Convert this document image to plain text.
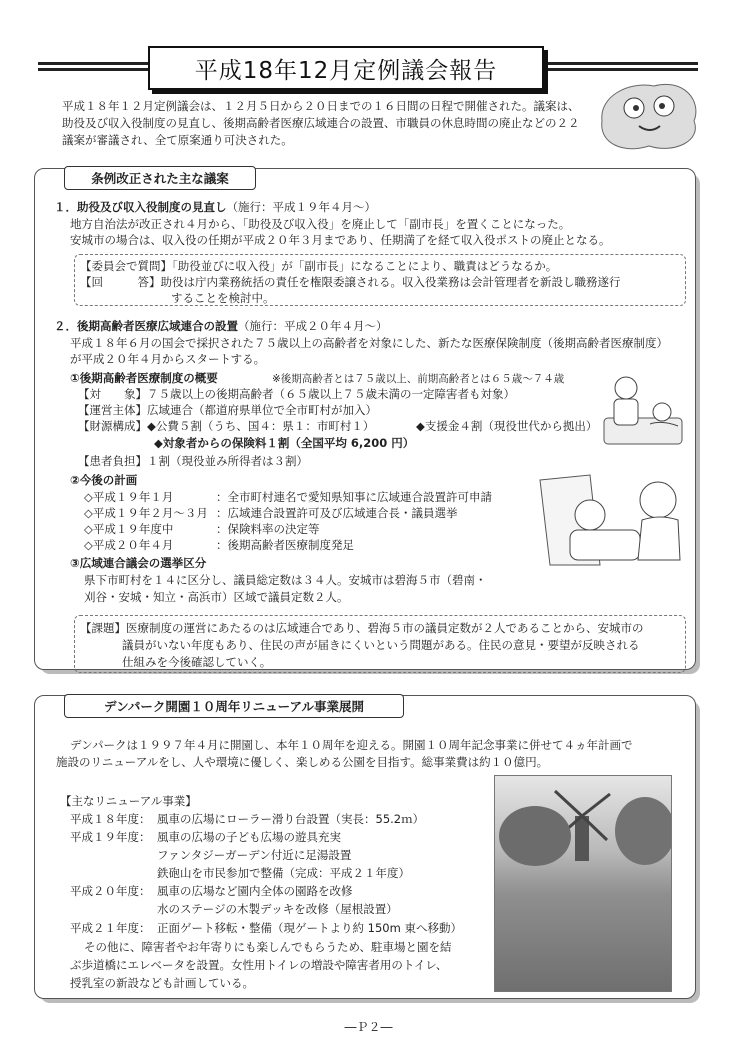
平成18年12月定例議会報告
平成１８年１２月定例議会は、１２月５日から２０日までの１６日間の日程で開催された。議案は、助役及び収入役制度の見直し、後期高齢者医療広域連合の設置、市職員の休息時間の廃止などの２２議案が審議され、全て原案通り可決された。
条例改正された主な議案
１．助役及び収入役制度の見直し（施行：平成１９年４月～）
地方自治法が改正され４月から、「助役及び収入役」を廃止して「副市長」を置くことになった。
安城市の場合は、収入役の任期が平成２０年３月まであり、任期満了を経て収入役ポストの廃止となる。
【委員会で質問】「助役並びに収入役」が「副市長」になることにより、職責はどうなるか。
【回　　　答】助役は庁内業務統括の責任を権限委譲される。収入役業務は会計管理者を新設し職務遂行
することを検討中。
２．後期高齢者医療広域連合の設置（施行：平成２０年４月～）
平成１８年６月の国会で採択された７５歳以上の高齢者を対象にした、新たな医療保険制度（後期高齢者医療制度）
が平成２０年４月からスタートする。
①後期高齢者医療制度の概要	※後期高齢者とは７５歳以上、前期高齢者とは６５歳～７４歳
【対　　象】７５歳以上の後期高齢者（６５歳以上７５歳未満の一定障害者も対象）
【運営主体】広域連合（都道府県単位で全市町村が加入）
【財源構成】◆公費５割（うち、国４：県１：市町村１）	◆支援金４割（現役世代から拠出）
◆対象者からの保険料１割（全国平均 6,200 円）
【患者負担】１割（現役並み所得者は３割）
②今後の計画
◇平成１９年１月	：全市町村連名で愛知県知事に広域連合設置許可申請
◇平成１９年２月～３月 ：広域連合設置許可及び広域連合長・議員選挙
◇平成１９年度中	：保険料率の決定等
◇平成２０年４月	：後期高齢者医療制度発足
③広域連合議会の選挙区分
県下市町村を１４に区分し、議員総定数は３４人。安城市は碧海５市（碧南・
刈谷・安城・知立・高浜市）区域で議員定数２人。
【課題】医療制度の運営にあたるのは広域連合であり、碧海５市の議員定数が２人であることから、安城市の
議員がいない年度もあり、住民の声が届きにくいという問題がある。住民の意見・要望が反映される
仕組みを今後確認していく。
デンパーク開園１０周年リニューアル事業展開
デンパークは１９９７年４月に開園し、本年１０周年を迎える。開園１０周年記念事業に併せて４ヵ年計画で
施設のリニューアルをし、人や環境に優しく、楽しめる公園を目指す。総事業費は約１０億円。
【主なリニューアル事業】
平成１８年度： 風車の広場にローラー滑り台設置（実長：55.2ｍ）
平成１９年度： 風車の広場の子ども広場の遊具充実
ファンタジーガーデン付近に足湯設置
鉄砲山を市民参加で整備（完成：平成２１年度）
平成２０年度： 風車の広場など園内全体の園路を改修
水のステージの木製デッキを改修（屋根設置）
平成２１年度： 正面ゲート移転・整備（現ゲートより約 150m 東へ移動）
その他に、障害者やお年寄りにも楽しんでもらうため、駐車場と園を結
ぶ歩道橋にエレベータを設置。女性用トイレの増設や障害者用のトイレ、
授乳室の新設なども計画している。
―Ｐ２―
